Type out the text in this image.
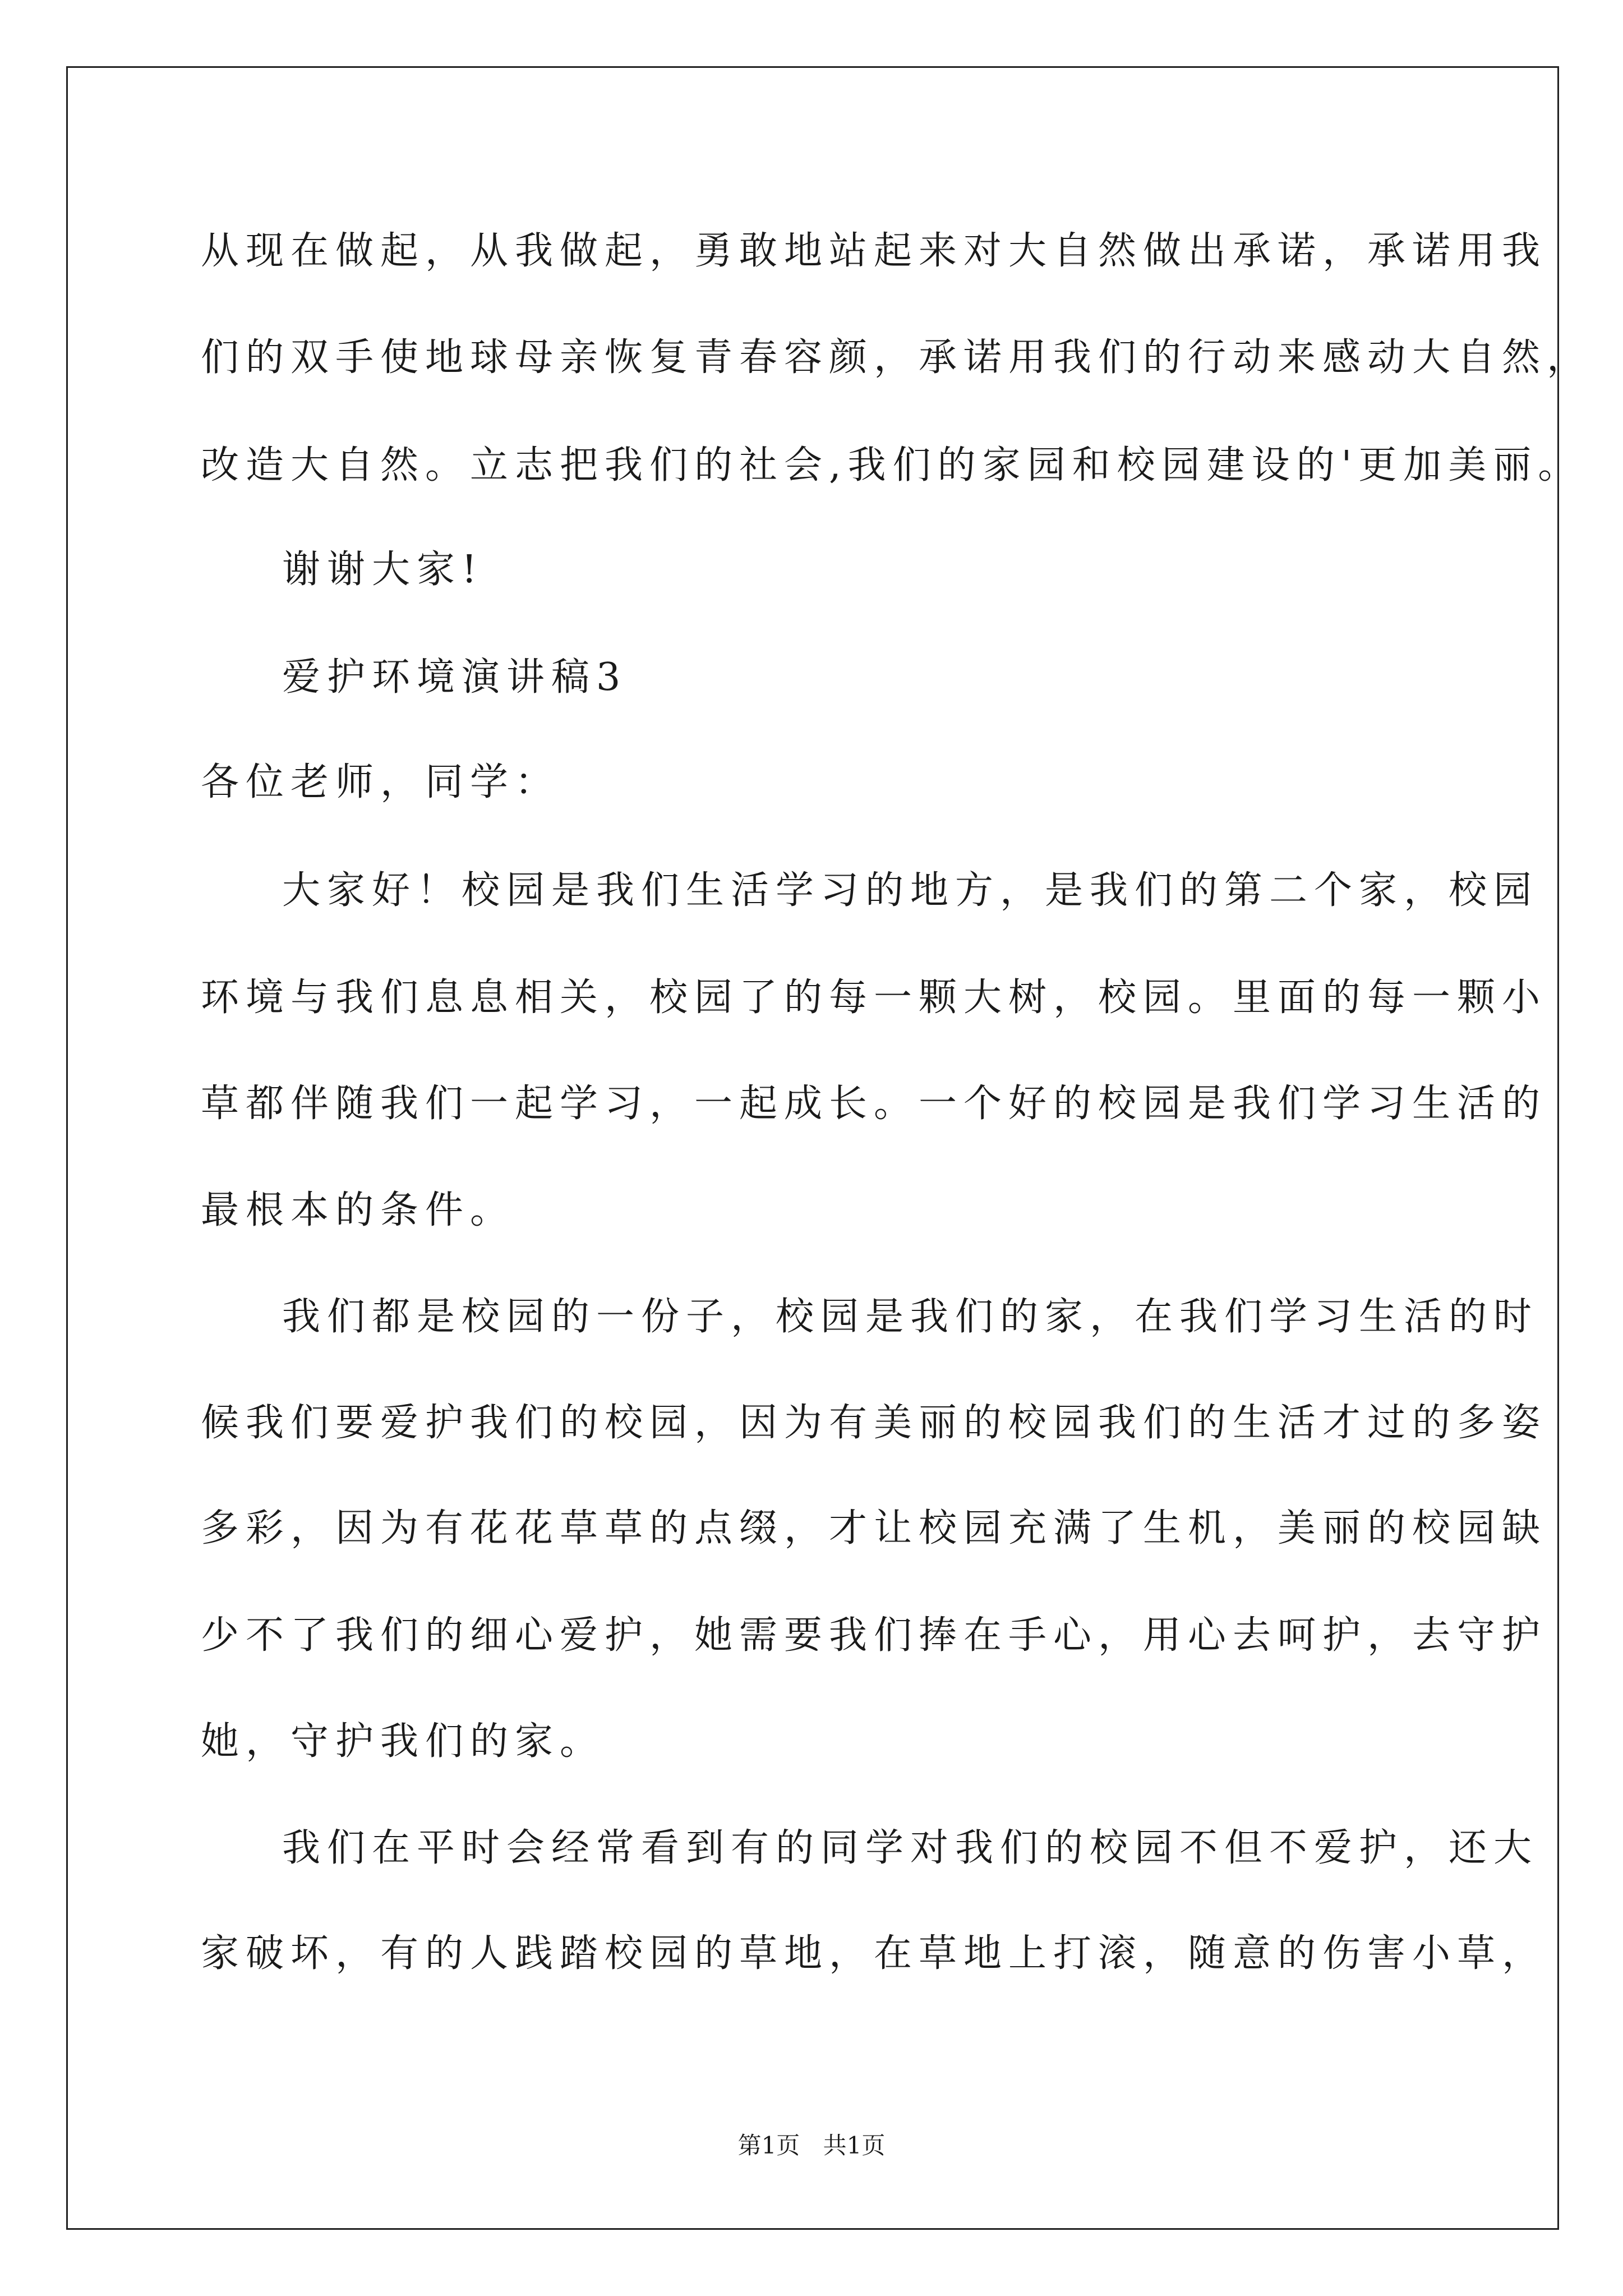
从现在做起，从我做起，勇敢地站起来对大自然做出承诺，承诺用我
们的双手使地球母亲恢复青春容颜，承诺用我们的行动来感动大自然，
改造大自然。立志把我们的社会,我们的家园和校园建设的'更加美丽。
谢谢大家!
爱护环境演讲稿3
各位老师，同学：
大家好！校园是我们生活学习的地方，是我们的第二个家，校园
环境与我们息息相关，校园了的每一颗大树，校园。里面的每一颗小
草都伴随我们一起学习，一起成长。一个好的校园是我们学习生活的
最根本的条件。
我们都是校园的一份子，校园是我们的家，在我们学习生活的时
候我们要爱护我们的校园，因为有美丽的校园我们的生活才过的多姿
多彩，因为有花花草草的点缀，才让校园充满了生机，美丽的校园缺
少不了我们的细心爱护，她需要我们捧在手心，用心去呵护，去守护
她，守护我们的家。
我们在平时会经常看到有的同学对我们的校园不但不爱护，还大
家破坏，有的人践踏校园的草地，在草地上打滚，随意的伤害小草，
第1页 共1页
